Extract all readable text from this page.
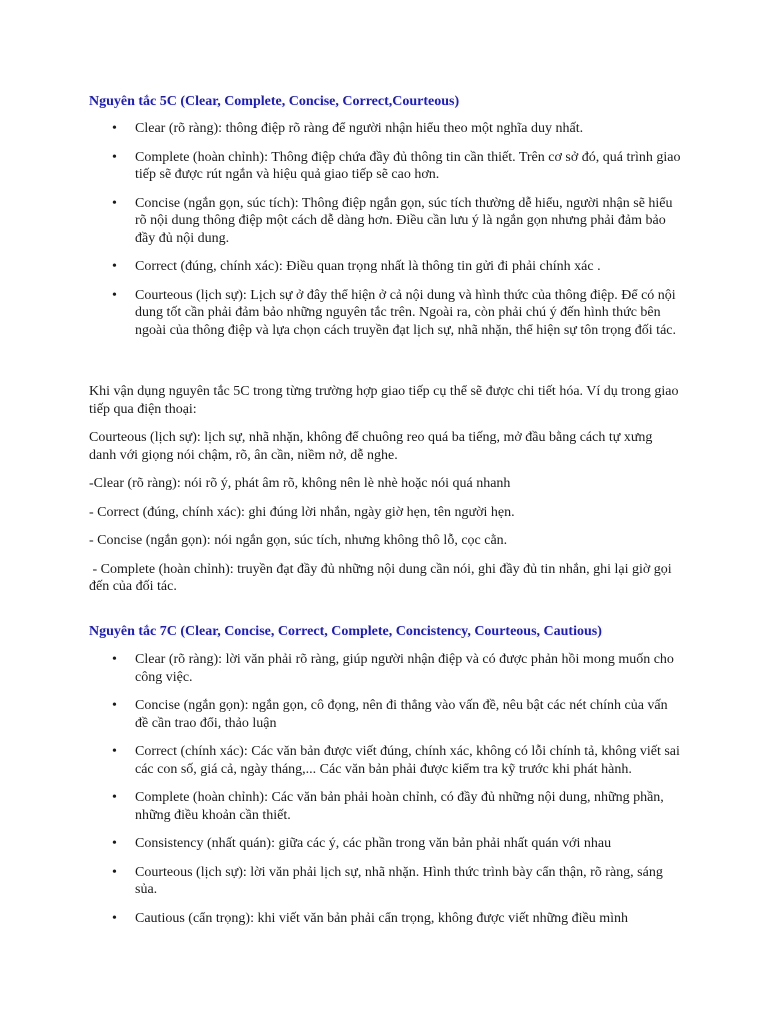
Nguyên tắc 5C (Clear, Complete, Concise, Correct,Courteous)
• Clear (rõ ràng): thông điệp rõ ràng để người nhận hiểu theo một nghĩa duy nhất.
• Complete (hoàn chỉnh): Thông điệp chứa đầy đủ thông tin cần thiết. Trên cơ sở đó, quá trình giao tiếp sẽ được rút ngắn và hiệu quả giao tiếp sẽ cao hơn.
• Concise (ngắn gọn, súc tích): Thông điệp ngắn gọn, súc tích thường dễ hiểu, người nhận sẽ hiểu rõ nội dung thông điệp một cách dễ dàng hơn. Điều cần lưu ý là ngắn gọn nhưng phải đảm bảo đầy đủ nội dung.
• Correct (đúng, chính xác): Điều quan trọng nhất là thông tin gửi đi phải chính xác .
• Courteous (lịch sự): Lịch sự ở đây thể hiện ở cả nội dung và hình thức của thông điệp. Để có nội dung tốt cần phải đảm bảo những nguyên tắc trên. Ngoài ra, còn phải chú ý đến hình thức bên ngoài của thông điệp và lựa chọn cách truyền đạt lịch sự, nhã nhặn, thể hiện sự tôn trọng đối tác.

Khi vận dụng nguyên tắc 5C trong từng trường hợp giao tiếp cụ thể sẽ được chi tiết hóa. Ví dụ trong giao tiếp qua điện thoại:

Courteous (lịch sự): lịch sự, nhã nhặn, không để chuông reo quá ba tiếng, mở đầu bằng cách tự xưng danh với giọng nói chậm, rõ, ân cần, niềm nở, dễ nghe.

-Clear (rõ ràng): nói rõ ý, phát âm rõ, không nên lè nhè hoặc nói quá nhanh

- Correct (đúng, chính xác): ghi đúng lời nhắn, ngày giờ hẹn, tên người hẹn.

- Concise (ngắn gọn): nói ngắn gọn, súc tích, nhưng không thô lỗ, cọc cằn.

- Complete (hoàn chỉnh): truyền đạt đầy đủ những nội dung cần nói, ghi đầy đủ tin nhắn, ghi lại giờ gọi đến của đối tác.

Nguyên tắc 7C (Clear, Concise, Correct, Complete, Concistency, Courteous, Cautious)
• Clear (rõ ràng): lời văn phải rõ ràng, giúp người nhận điệp và có được phản hồi mong muốn cho công việc.
• Concise (ngắn gọn): ngắn gọn, cô đọng, nên đi thẳng vào vấn đề, nêu bật các nét chính của vấn đề cần trao đổi, thảo luận
• Correct (chính xác): Các văn bản được viết đúng, chính xác, không có lỗi chính tả, không viết sai các con số, giá cả, ngày tháng,... Các văn bản phải được kiểm tra kỹ trước khi phát hành.
• Complete (hoàn chỉnh): Các văn bản phải hoàn chỉnh, có đầy đủ những nội dung, những phần, những điều khoản cần thiết.
• Consistency (nhất quán): giữa các ý, các phần trong văn bản phải nhất quán với nhau
• Courteous (lịch sự): lời văn phải lịch sự, nhã nhặn. Hình thức trình bày cẩn thận, rõ ràng, sáng sủa.
• Cautious (cẩn trọng): khi viết văn bản phải cẩn trọng, không được viết những điều mình
